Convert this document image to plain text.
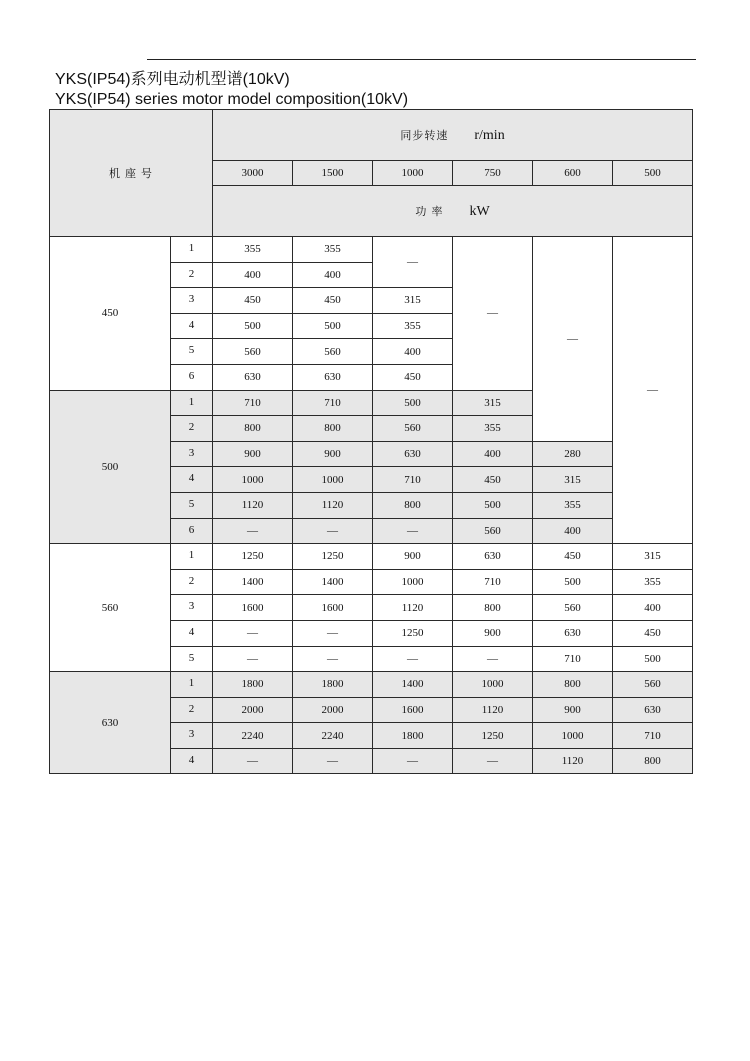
YKS(IP54)系列电动机型谱(10kV)
YKS(IP54) series motor model composition(10kV)
机 座 号		同步转速 r/min					
		3000	1500	1000	750	600	500
		功 率 kW					
450	1	355	355	—	—	—	—
	2	400	400				
	3	450	450	315			
	4	500	500	355			
	5	560	560	400			
	6	630	630	450			
500	1	710	710	500	315		
	2	800	800	560	355		
	3	900	900	630	400	280	
	4	1000	1000	710	450	315	
	5	1120	1120	800	500	355	
	6	—	—	—	560	400	
560	1	1250	1250	900	630	450	315
	2	1400	1400	1000	710	500	355
	3	1600	1600	1120	800	560	400
	4	—	—	1250	900	630	450
	5	—	—	—	—	710	500
630	1	1800	1800	1400	1000	800	560
	2	2000	2000	1600	1120	900	630
	3	2240	2240	1800	1250	1000	710
	4	—	—	—	—	1120	800
